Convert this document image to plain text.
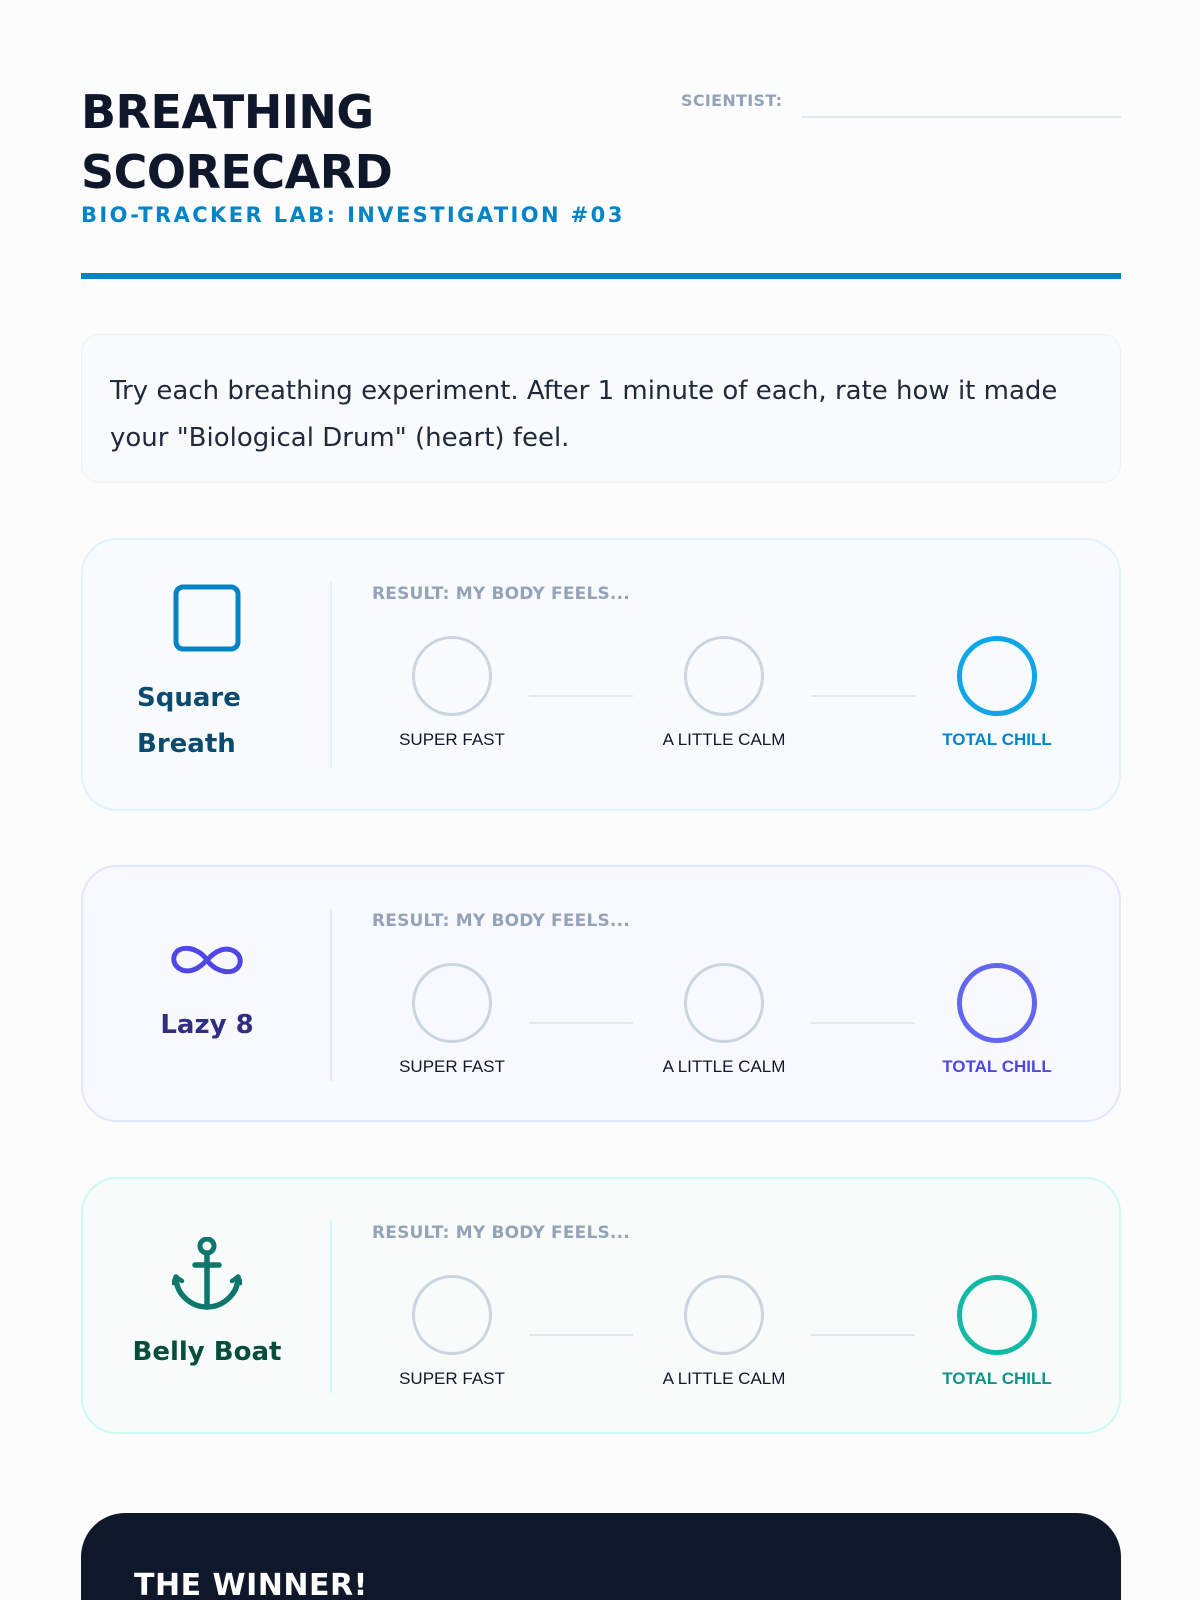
BREATHING SCORECARD
BIO-TRACKER LAB: INVESTIGATION #03
SCIENTIST:
Try each breathing experiment. After 1 minute of each, rate how it made your "Biological Drum" (heart) feel.
Square Breath
RESULT: MY BODY FEELS...
SUPER FAST	A LITTLE CALM	TOTAL CHILL
Lazy 8
RESULT: MY BODY FEELS...
SUPER FAST	A LITTLE CALM	TOTAL CHILL
Belly Boat
RESULT: MY BODY FEELS...
SUPER FAST	A LITTLE CALM	TOTAL CHILL
THE WINNER!
